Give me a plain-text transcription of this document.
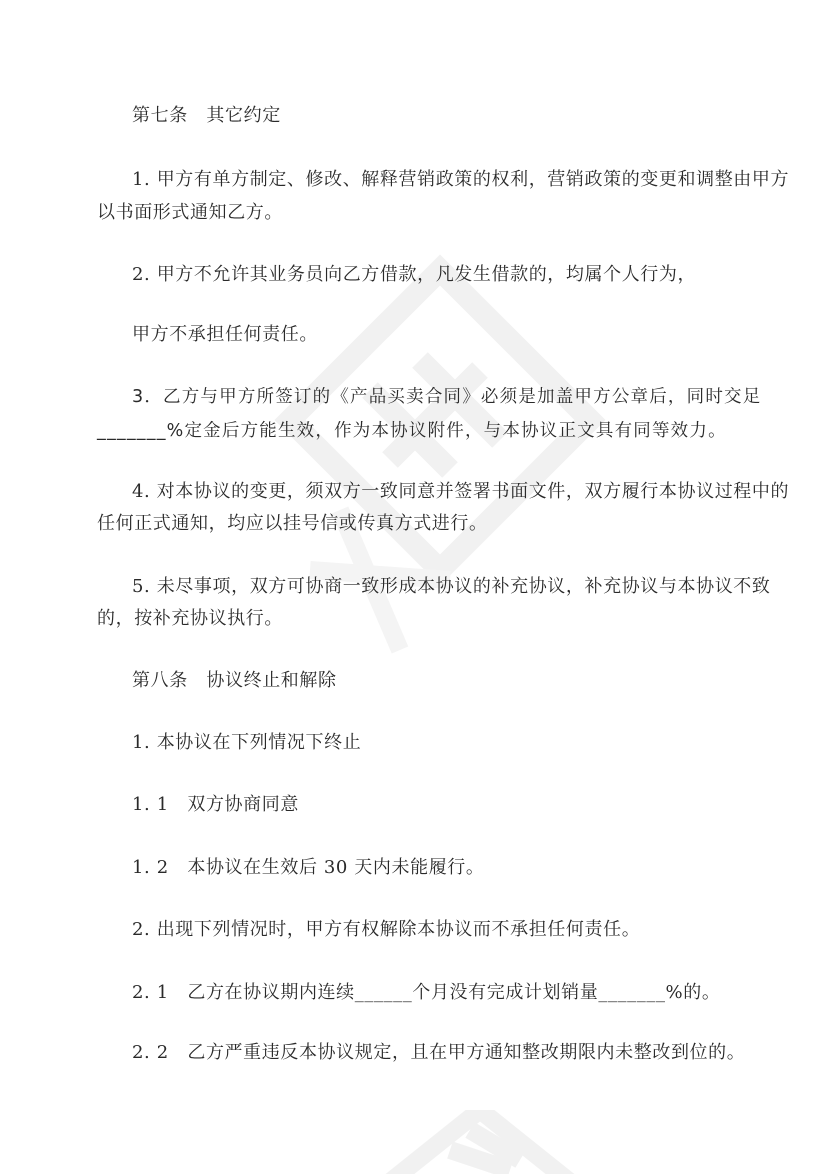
第七条　其它约定
1. 甲方有单方制定、修改、解释营销政策的权利，营销政策的变更和调整由甲方
以书面形式通知乙方。
2. 甲方不允许其业务员向乙方借款，凡发生借款的，均属个人行为，
甲方不承担任何责任。
3．乙方与甲方所签订的《产品买卖合同》必须是加盖甲方公章后，同时交足
_______%定金后方能生效，作为本协议附件，与本协议正文具有同等效力。
4. 对本协议的变更，须双方一致同意并签署书面文件，双方履行本协议过程中的
任何正式通知，均应以挂号信或传真方式进行。
5. 未尽事项，双方可协商一致形成本协议的补充协议，补充协议与本协议不致
的，按补充协议执行。
第八条　协议终止和解除
1. 本协议在下列情况下终止
1. 1　双方协商同意
1. 2　本协议在生效后 30 天内未能履行。
2. 出现下列情况时，甲方有权解除本协议而不承担任何责任。
2. 1　乙方在协议期内连续______个月没有完成计划销量_______%的。
2. 2　乙方严重违反本协议规定，且在甲方通知整改期限内未整改到位的。
